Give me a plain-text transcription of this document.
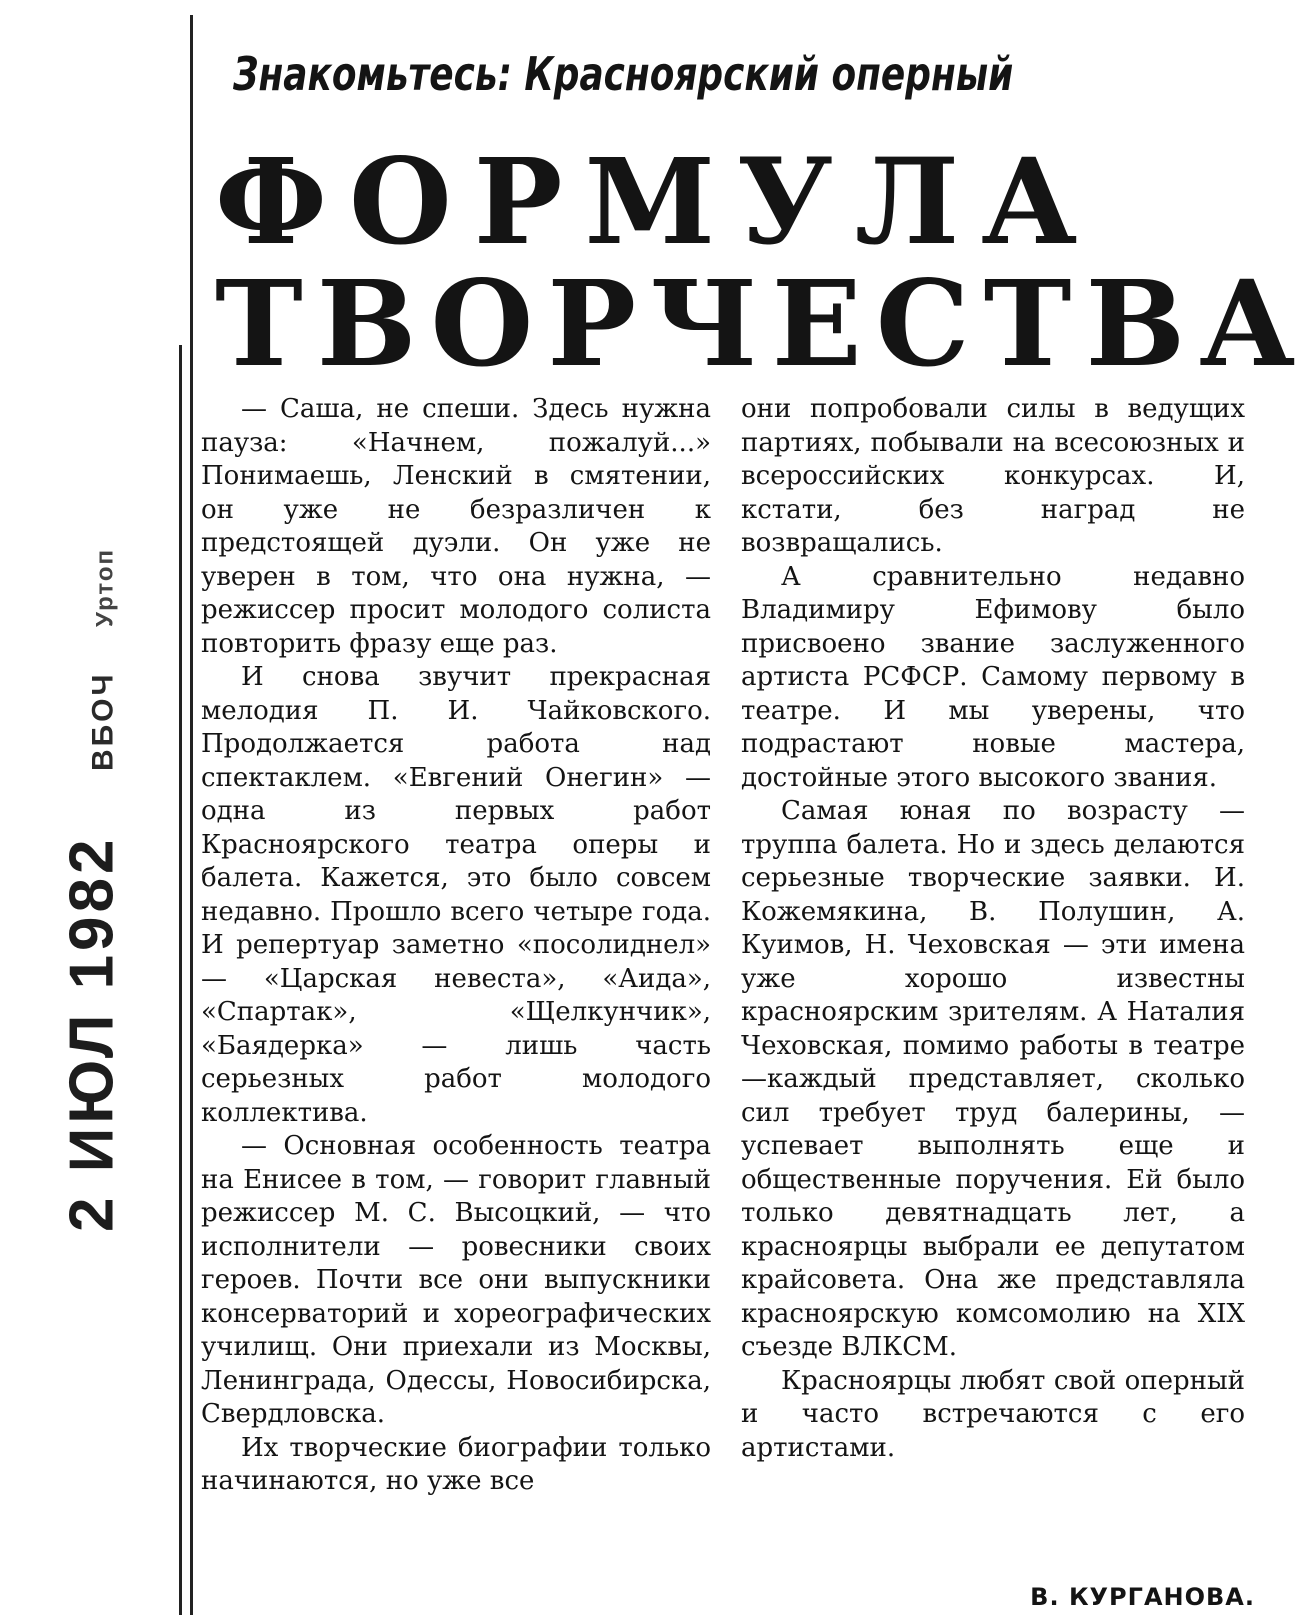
2 ИЮЛ 1982 ВБОЧ Уртоп
Знакомьтесь: Красноярский оперный
ФОРМУЛА
ТВОРЧЕСТВА

— Саша, не спеши. Здесь нужна пауза: «Начнем, пожалуй...» Понимаешь, Ленский в смятении, он уже не безразличен к предстоящей дуэли. Он уже не уверен в том, что она нужна, — режиссер просит молодого солиста повторить фразу еще раз.

И снова звучит прекрасная мелодия П. И. Чайковского. Продолжается работа над спектаклем. «Евгений Онегин» — одна из первых работ Красноярского театра оперы и балета. Кажется, это было совсем недавно. Прошло всего четыре года. И репертуар заметно «посолиднел» — «Царская невеста», «Аида», «Спартак», «Щелкунчик», «Баядерка» — лишь часть серьезных работ молодого коллектива.

— Основная особенность театра на Енисее в том, — говорит главный режиссер М. С. Высоцкий, — что исполнители — ровесники своих героев. Почти все они выпускники консерваторий и хореографических училищ. Они приехали из Москвы, Ленинграда, Одессы, Новосибирска, Свердловска.

Их творческие биографии только начинаются, но уже все

они попробовали силы в ведущих партиях, побывали на всесоюзных и всероссийских конкурсах. И, кстати, без наград не возвращались.

А сравнительно недавно Владимиру Ефимову было присвоено звание заслуженного артиста РСФСР. Самому первому в театре. И мы уверены, что подрастают новые мастера, достойные этого высокого звания.

Самая юная по возрасту — труппа балета. Но и здесь делаются серьезные творческие заявки. И. Кожемякина, В. Полушин, А. Куимов, Н. Чеховская — эти имена уже хорошо известны красноярским зрителям. А Наталия Чеховская, помимо работы в театре—каждый представляет, сколько сил требует труд балерины, — успевает выполнять еще и общественные поручения. Ей было только девятнадцать лет, а красноярцы выбрали ее депутатом крайсовета. Она же представляла красноярскую комсомолию на XIX съезде ВЛКСМ.

Красноярцы любят свой оперный и часто встречаются с его артистами.

В. КУРГАНОВА.
